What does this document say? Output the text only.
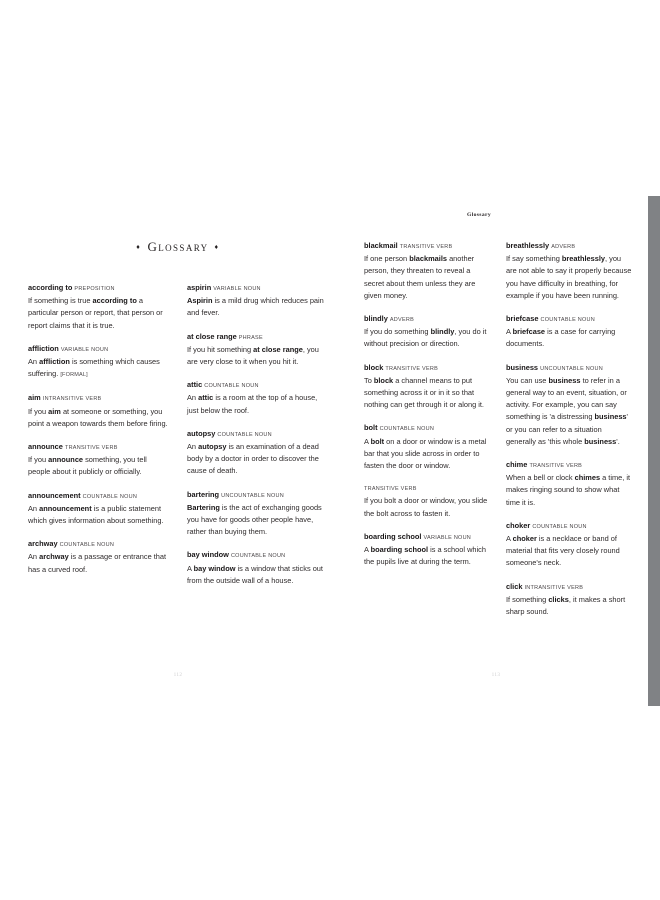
Glossary
♦ Glossary ♦
according to PREPOSITION
If something is true according to a particular person or report, that person or report claims that it is true.
affliction VARIABLE NOUN
An affliction is something which causes suffering. [FORMAL]
aim INTRANSITIVE VERB
If you aim at someone or something, you point a weapon towards them before firing.
announce TRANSITIVE VERB
If you announce something, you tell people about it publicly or officially.
announcement COUNTABLE NOUN
An announcement is a public statement which gives information about something.
archway COUNTABLE NOUN
An archway is a passage or entrance that has a curved roof.
aspirin VARIABLE NOUN
Aspirin is a mild drug which reduces pain and fever.
at close range PHRASE
If you hit something at close range, you are very close to it when you hit it.
attic COUNTABLE NOUN
An attic is a room at the top of a house, just below the roof.
autopsy COUNTABLE NOUN
An autopsy is an examination of a dead body by a doctor in order to discover the cause of death.
bartering UNCOUNTABLE NOUN
Bartering is the act of exchanging goods you have for goods other people have, rather than buying them.
bay window COUNTABLE NOUN
A bay window is a window that sticks out from the outside wall of a house.
blackmail TRANSITIVE VERB
If one person blackmails another person, they threaten to reveal a secret about them unless they are given money.
blindly ADVERB
If you do something blindly, you do it without precision or direction.
block TRANSITIVE VERB
To block a channel means to put something across it or in it so that nothing can get through it or along it.
bolt COUNTABLE NOUN
A bolt on a door or window is a metal bar that you slide across in order to fasten the door or window.
TRANSITIVE VERB
If you bolt a door or window, you slide the bolt across to fasten it.
boarding school VARIABLE NOUN
A boarding school is a school which the pupils live at during the term.
breathlessly ADVERB
If say something breathlessly, you are not able to say it properly because you have difficulty in breathing, for example if you have been running.
briefcase COUNTABLE NOUN
A briefcase is a case for carrying documents.
business UNCOUNTABLE NOUN
You can use business to refer in a general way to an event, situation, or activity. For example, you can say something is 'a distressing business' or you can refer to a situation generally as 'this whole business'.
chime TRANSITIVE VERB
When a bell or clock chimes a time, it makes ringing sound to show what time it is.
choker COUNTABLE NOUN
A choker is a necklace or band of material that fits very closely round someone's neck.
click INTRANSITIVE VERB
If something clicks, it makes a short sharp sound.
112	113
